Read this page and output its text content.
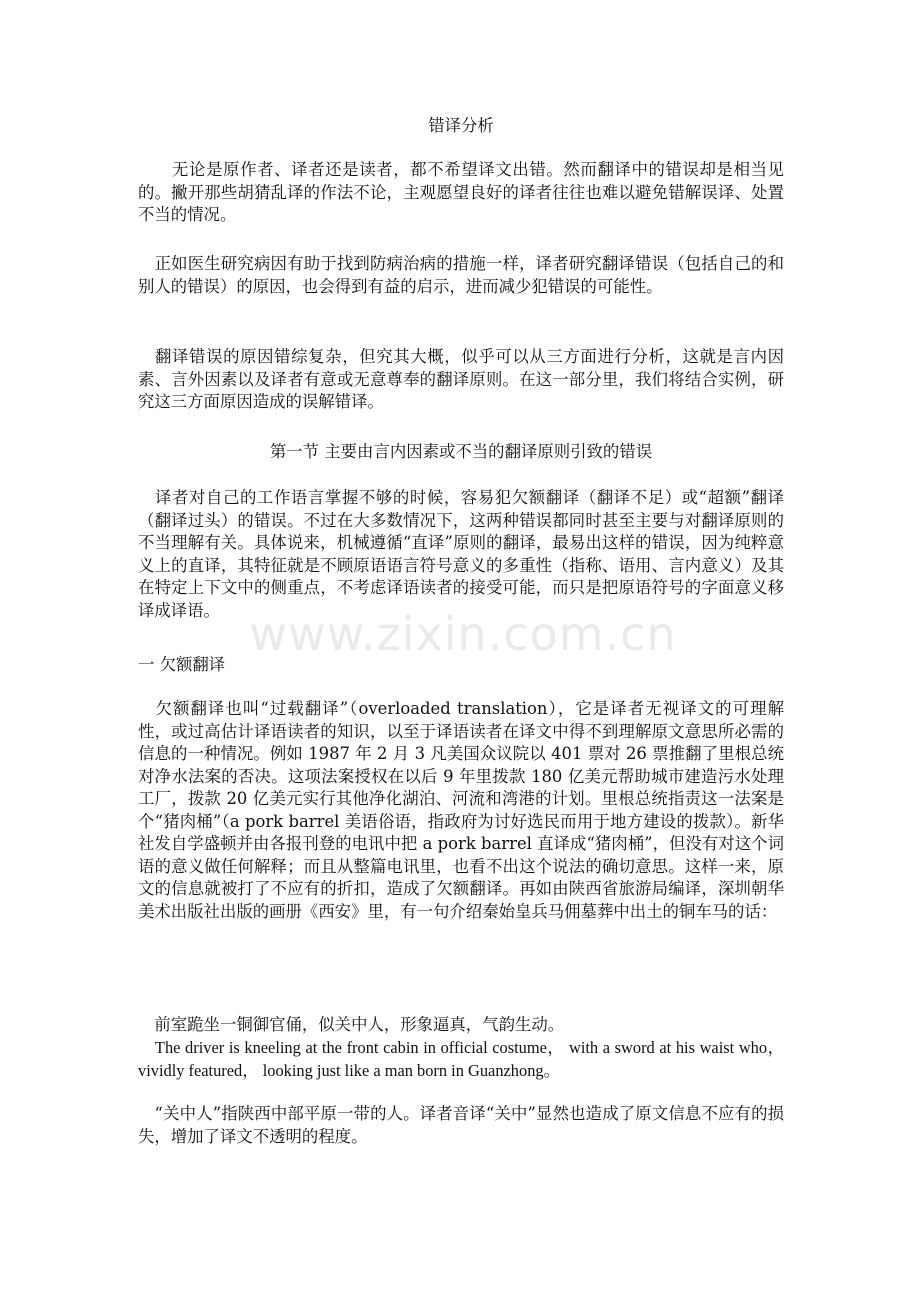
错译分析

　　无论是原作者、译者还是读者，都不希望译文出错。然而翻译中的错误却是相当见的。撇开那些胡猜乱译的作法不论，主观愿望良好的译者往往也难以避免错解误译、处置不当的情况。

　正如医生研究病因有助于找到防病治病的措施一样，译者研究翻译错误（包括自己的和别人的错误）的原因，也会得到有益的启示，进而减少犯错误的可能性。

　翻译错误的原因错综复杂，但究其大概，似乎可以从三方面进行分析，这就是言内因素、言外因素以及译者有意或无意尊奉的翻译原则。在这一部分里，我们将结合实例，研究这三方面原因造成的误解错译。

第一节 主要由言内因素或不当的翻译原则引致的错误

　译者对自己的工作语言掌握不够的时候，容易犯欠额翻译（翻译不足）或“超额”翻译（翻译过头）的错误。不过在大多数情况下，这两种错误都同时甚至主要与对翻译原则的不当理解有关。具体说来，机械遵循“直译”原则的翻译，最易出这样的错误，因为纯粹意义上的直译，其特征就是不顾原语语言符号意义的多重性（指称、语用、言内意义）及其在特定上下文中的侧重点，不考虑译语读者的接受可能，而只是把原语符号的字面意义移译成译语。

一 欠额翻译

　欠额翻译也叫“过载翻译”（overloaded translation），它是译者无视译文的可理解性，或过高估计译语读者的知识，以至于译语读者在译文中得不到理解原文意思所必需的信息的一种情况。例如 1987 年 2 月 3 凡美国众议院以 401 票对 26 票推翻了里根总统对净水法案的否决。这项法案授权在以后 9 年里拨款 180 亿美元帮助城市建造污水处理工厂，拨款 20 亿美元实行其他净化湖泊、河流和湾港的计划。里根总统指责这一法案是个“猪肉桶”（a pork barrel 美语俗语，指政府为讨好选民而用于地方建设的拨款）。新华社发自学盛顿并由各报刊登的电讯中把 a pork barrel 直译成“猪肉桶”，但没有对这个词语的意义做任何解释；而且从整篇电讯里，也看不出这个说法的确切意思。这样一来，原文的信息就被打了不应有的折扣，造成了欠额翻译。再如由陕西省旅游局编译，深圳朝华美术出版社出版的画册《西安》里，有一句介绍秦始皇兵马佣墓葬中出土的铜车马的话：

　前室跪坐一铜御官俑，似关中人，形象逼真，气韵生动。

　The driver is kneeling at the front cabin in official costume， with a sword at his waist who， vividly featured， looking just like a man born in Guanzhong。

　“关中人”指陕西中部平原一带的人。译者音译“关中”显然也造成了原文信息不应有的损失，增加了译文不透明的程度。

www.zixin.com.cn
